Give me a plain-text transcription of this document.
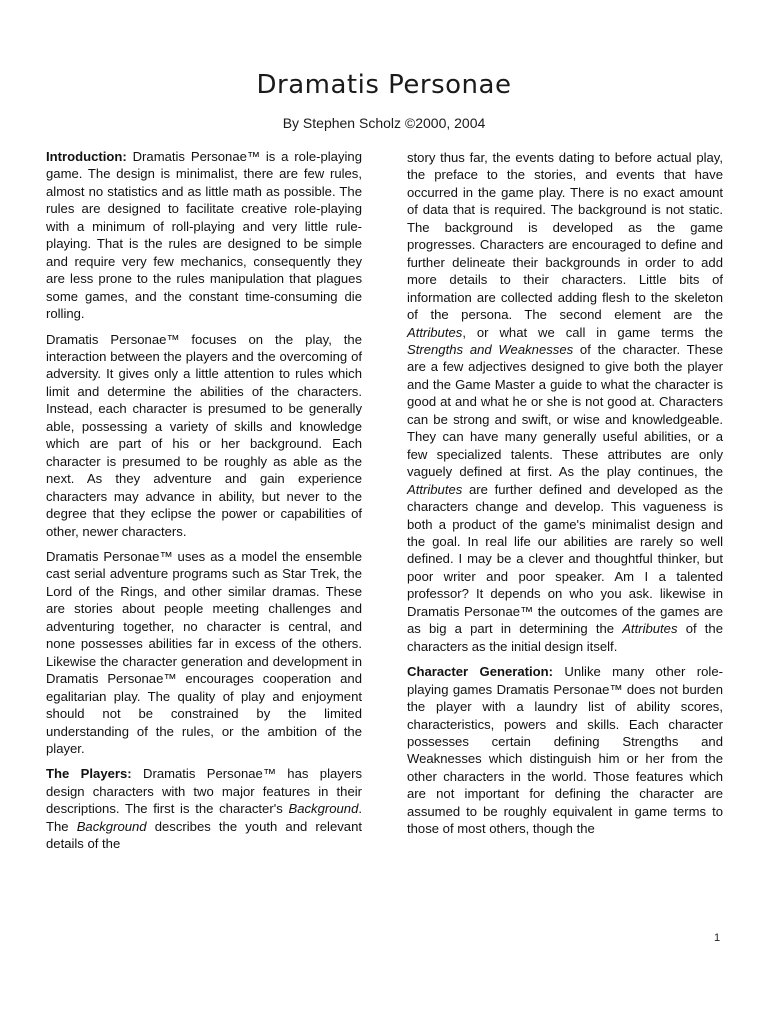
Dramatis Personae
By Stephen Scholz ©2000, 2004

Introduction: Dramatis Personae™ is a role-playing game. The design is minimalist, there are few rules, almost no statistics and as little math as possible. The rules are designed to facilitate creative role-playing with a minimum of roll-playing and very little rule-playing. That is the rules are designed to be simple and require very few mechanics, consequently they are less prone to the rules manipulation that plagues some games, and the constant time-consuming die rolling.

Dramatis Personae™ focuses on the play, the interaction between the players and the overcoming of adversity. It gives only a little attention to rules which limit and determine the abilities of the characters. Instead, each character is presumed to be generally able, possessing a variety of skills and knowledge which are part of his or her background. Each character is presumed to be roughly as able as the next. As they adventure and gain experience characters may advance in ability, but never to the degree that they eclipse the power or capabilities of other, newer characters.

Dramatis Personae™ uses as a model the ensemble cast serial adventure programs such as Star Trek, the Lord of the Rings, and other similar dramas. These are stories about people meeting challenges and adventuring together, no character is central, and none possesses abilities far in excess of the others. Likewise the character generation and development in Dramatis Personae™ encourages cooperation and egalitarian play. The quality of play and enjoyment should not be constrained by the limited understanding of the rules, or the ambition of the player.

The Players: Dramatis Personae™ has players design characters with two major features in their descriptions. The first is the character's Background. The Background describes the youth and relevant details of the

story thus far, the events dating to before actual play, the preface to the stories, and events that have occurred in the game play. There is no exact amount of data that is required. The background is not static. The background is developed as the game progresses. Characters are encouraged to define and further delineate their backgrounds in order to add more details to their characters. Little bits of information are collected adding flesh to the skeleton of the persona. The second element are the Attributes, or what we call in game terms the Strengths and Weaknesses of the character. These are a few adjectives designed to give both the player and the Game Master a guide to what the character is good at and what he or she is not good at. Characters can be strong and swift, or wise and knowledgeable. They can have many generally useful abilities, or a few specialized talents. These attributes are only vaguely defined at first. As the play continues, the Attributes are further defined and developed as the characters change and develop. This vagueness is both a product of the game's minimalist design and the goal. In real life our abilities are rarely so well defined. I may be a clever and thoughtful thinker, but poor writer and poor speaker. Am I a talented professor? It depends on who you ask. likewise in Dramatis Personae™ the outcomes of the games are as big a part in determining the Attributes of the characters as the initial design itself.

Character Generation: Unlike many other role-playing games Dramatis Personae™ does not burden the player with a laundry list of ability scores, characteristics, powers and skills. Each character possesses certain defining Strengths and Weaknesses which distinguish him or her from the other characters in the world. Those features which are not important for defining the character are assumed to be roughly equivalent in game terms to those of most others, though the

1
